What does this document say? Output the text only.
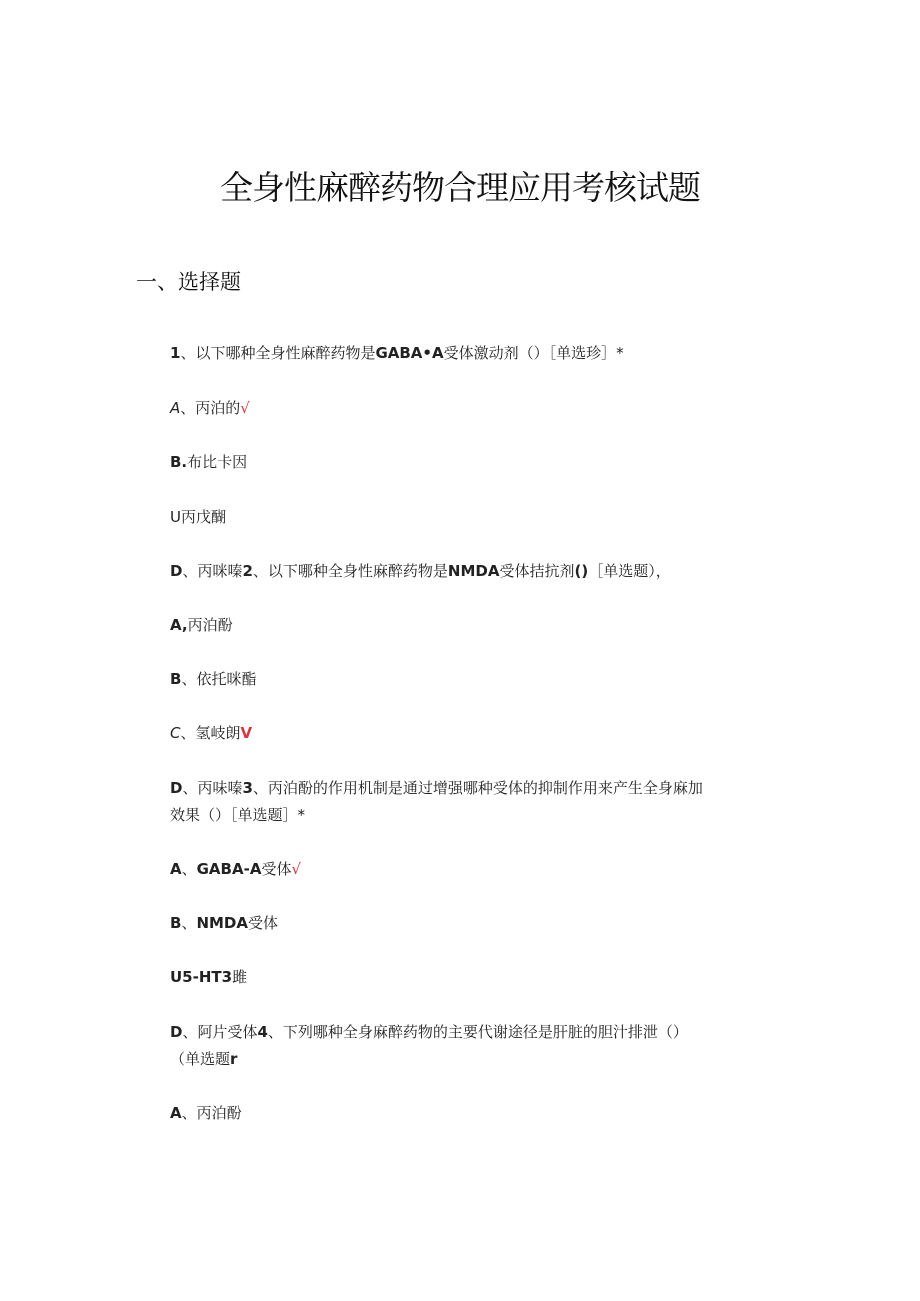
全身性麻醉药物合理应用考核试题
一、选择题
1、以下哪种全身性麻醉药物是GABA•A受体激动剂（）［单选珍］*
A、丙泊的√
B.布比卡因
U丙戊醐
D、丙咪嗪2、以下哪种全身性麻醉药物是NMDA受体拮抗剂()［单选题），
A,丙泊酚
B、依托咪酯
C、氢岐朗V
D、丙味嗪3、丙泊酚的作用机制是通过增强哪种受体的抑制作用来产生全身麻加
效果（）［单选题］*
A、GABA-A受体√
B、NMDA受体
U5-HT3雎
D、阿片受体4、下列哪种全身麻醉药物的主要代谢途径是肝脏的胆汁排泄（）
（单选题r
A、丙泊酚
